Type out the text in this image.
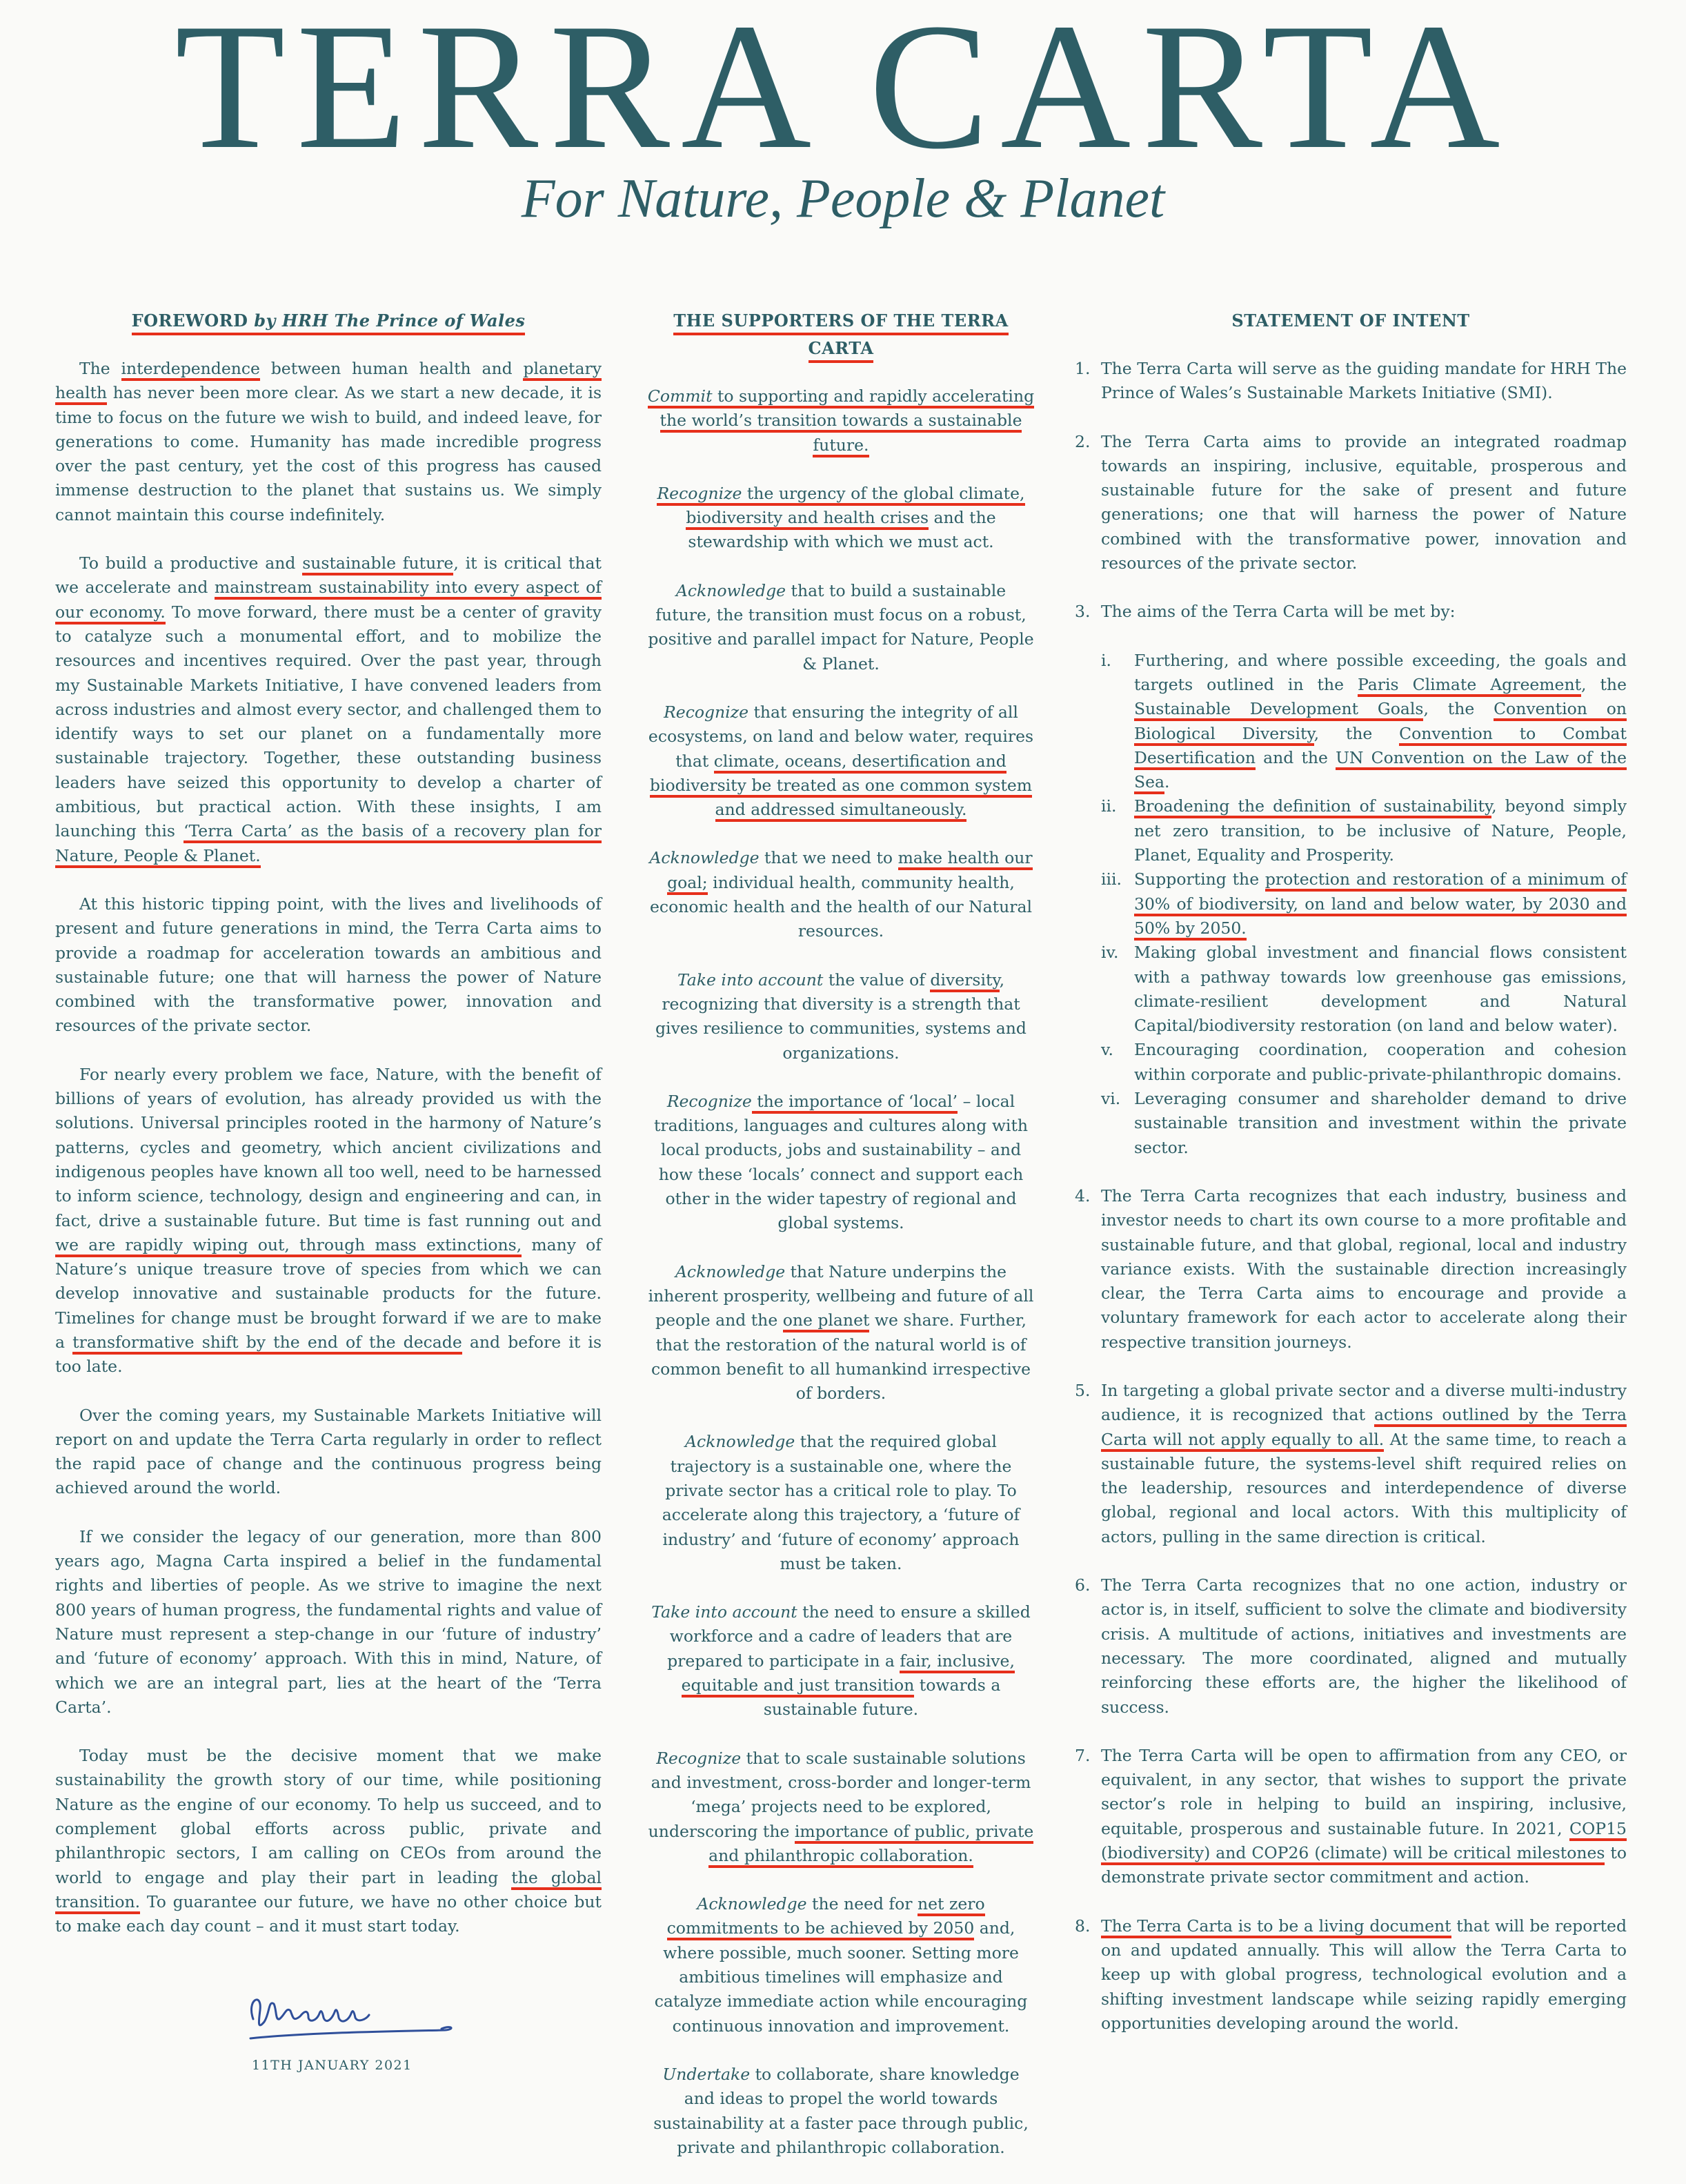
TERRA CARTA
For Nature, People & Planet
FOREWORD by HRH The Prince of Wales

The interdependence between human health and planetary health has never been more clear. As we start a new decade, it is time to focus on the future we wish to build, and indeed leave, for generations to come. Humanity has made incredible progress over the past century, yet the cost of this progress has caused immense destruction to the planet that sustains us. We simply cannot maintain this course indefinitely.

To build a productive and sustainable future, it is critical that we accelerate and mainstream sustainability into every aspect of our economy. To move forward, there must be a center of gravity to catalyze such a monumental effort, and to mobilize the resources and incentives required. Over the past year, through my Sustainable Markets Initiative, I have convened leaders from across industries and almost every sector, and challenged them to identify ways to set our planet on a fundamentally more sustainable trajectory. Together, these outstanding business leaders have seized this opportunity to develop a charter of ambitious, but practical action. With these insights, I am launching this ‘Terra Carta’ as the basis of a recovery plan for Nature, People & Planet.

At this historic tipping point, with the lives and livelihoods of present and future generations in mind, the Terra Carta aims to provide a roadmap for acceleration towards an ambitious and sustainable future; one that will harness the power of Nature combined with the transformative power, innovation and resources of the private sector.

For nearly every problem we face, Nature, with the benefit of billions of years of evolution, has already provided us with the solutions. Universal principles rooted in the harmony of Nature’s patterns, cycles and geometry, which ancient civilizations and indigenous peoples have known all too well, need to be harnessed to inform science, technology, design and engineering and can, in fact, drive a sustainable future. But time is fast running out and we are rapidly wiping out, through mass extinctions, many of Nature’s unique treasure trove of species from which we can develop innovative and sustainable products for the future. Timelines for change must be brought forward if we are to make a transformative shift by the end of the decade and before it is too late.

Over the coming years, my Sustainable Markets Initiative will report on and update the Terra Carta regularly in order to reflect the rapid pace of change and the continuous progress being achieved around the world.

If we consider the legacy of our generation, more than 800 years ago, Magna Carta inspired a belief in the fundamental rights and liberties of people. As we strive to imagine the next 800 years of human progress, the fundamental rights and value of Nature must represent a step-change in our ‘future of industry’ and ‘future of economy’ approach. With this in mind, Nature, of which we are an integral part, lies at the heart of the ‘Terra Carta’.

Today must be the decisive moment that we make sustainability the growth story of our time, while positioning Nature as the engine of our economy. To help us succeed, and to complement global efforts across public, private and philanthropic sectors, I am calling on CEOs from around the world to engage and play their part in leading the global transition. To guarantee our future, we have no other choice but to make each day count – and it must start today.

11TH JANUARY 2021
THE SUPPORTERS OF THE TERRA CARTA

Commit to supporting and rapidly accelerating the world’s transition towards a sustainable future.

Recognize the urgency of the global climate, biodiversity and health crises and the stewardship with which we must act.

Acknowledge that to build a sustainable future, the transition must focus on a robust, positive and parallel impact for Nature, People & Planet.

Recognize that ensuring the integrity of all ecosystems, on land and below water, requires that climate, oceans, desertification and biodiversity be treated as one common system and addressed simultaneously.

Acknowledge that we need to make health our goal; individual health, community health, economic health and the health of our Natural resources.

Take into account the value of diversity, recognizing that diversity is a strength that gives resilience to communities, systems and organizations.

Recognize the importance of ‘local’ – local traditions, languages and cultures along with local products, jobs and sustainability – and how these ‘locals’ connect and support each other in the wider tapestry of regional and global systems.

Acknowledge that Nature underpins the inherent prosperity, wellbeing and future of all people and the one planet we share. Further, that the restoration of the natural world is of common benefit to all humankind irrespective of borders.

Acknowledge that the required global trajectory is a sustainable one, where the private sector has a critical role to play. To accelerate along this trajectory, a ‘future of industry’ and ‘future of economy’ approach must be taken.

Take into account the need to ensure a skilled workforce and a cadre of leaders that are prepared to participate in a fair, inclusive, equitable and just transition towards a sustainable future.

Recognize that to scale sustainable solutions and investment, cross-border and longer-term ‘mega’ projects need to be explored, underscoring the importance of public, private and philanthropic collaboration.

Acknowledge the need for net zero commitments to be achieved by 2050 and, where possible, much sooner. Setting more ambitious timelines will emphasize and catalyze immediate action while encouraging continuous innovation and improvement.

Undertake to collaborate, share knowledge and ideas to propel the world towards sustainability at a faster pace through public, private and philanthropic collaboration.

STATEMENT OF INTENT
1. The Terra Carta will serve as the guiding mandate for HRH The Prince of Wales’s Sustainable Markets Initiative (SMI).
2. The Terra Carta aims to provide an integrated roadmap towards an inspiring, inclusive, equitable, prosperous and sustainable future for the sake of present and future generations; one that will harness the power of Nature combined with the transformative power, innovation and resources of the private sector.
3. The aims of the Terra Carta will be met by:
i.	Furthering, and where possible exceeding, the goals and targets outlined in the Paris Climate Agreement, the Sustainable Development Goals, the Convention on Biological Diversity, the Convention to Combat Desertification and the UN Convention on the Law of the Sea.
ii.	Broadening the definition of sustainability, beyond simply net zero transition, to be inclusive of Nature, People, Planet, Equality and Prosperity.
iii. Supporting the protection and restoration of a minimum of 30% of biodiversity, on land and below water, by 2030 and 50% by 2050.
iv. Making global investment and financial flows consistent with a pathway towards low greenhouse gas emissions, climate-resilient development and Natural Capital/biodiversity restoration (on land and below water).
v.	Encouraging coordination, cooperation and cohesion within corporate and public-private-philanthropic domains.
vi. Leveraging consumer and shareholder demand to drive sustainable transition and investment within the private sector.
4. The Terra Carta recognizes that each industry, business and investor needs to chart its own course to a more profitable and sustainable future, and that global, regional, local and industry variance exists. With the sustainable direction increasingly clear, the Terra Carta aims to encourage and provide a voluntary framework for each actor to accelerate along their respective transition journeys.
5. In targeting a global private sector and a diverse multi-industry audience, it is recognized that actions outlined by the Terra Carta will not apply equally to all. At the same time, to reach a sustainable future, the systems-level shift required relies on the leadership, resources and interdependence of diverse global, regional and local actors. With this multiplicity of actors, pulling in the same direction is critical.
6. The Terra Carta recognizes that no one action, industry or actor is, in itself, sufficient to solve the climate and biodiversity crisis. A multitude of actions, initiatives and investments are necessary. The more coordinated, aligned and mutually reinforcing these efforts are, the higher the likelihood of success.
7. The Terra Carta will be open to affirmation from any CEO, or equivalent, in any sector, that wishes to support the private sector’s role in helping to build an inspiring, inclusive, equitable, prosperous and sustainable future. In 2021, COP15 (biodiversity) and COP26 (climate) will be critical milestones to demonstrate private sector commitment and action.
8. The Terra Carta is to be a living document that will be reported on and updated annually. This will allow the Terra Carta to keep up with global progress, technological evolution and a shifting investment landscape while seizing rapidly emerging opportunities developing around the world.
